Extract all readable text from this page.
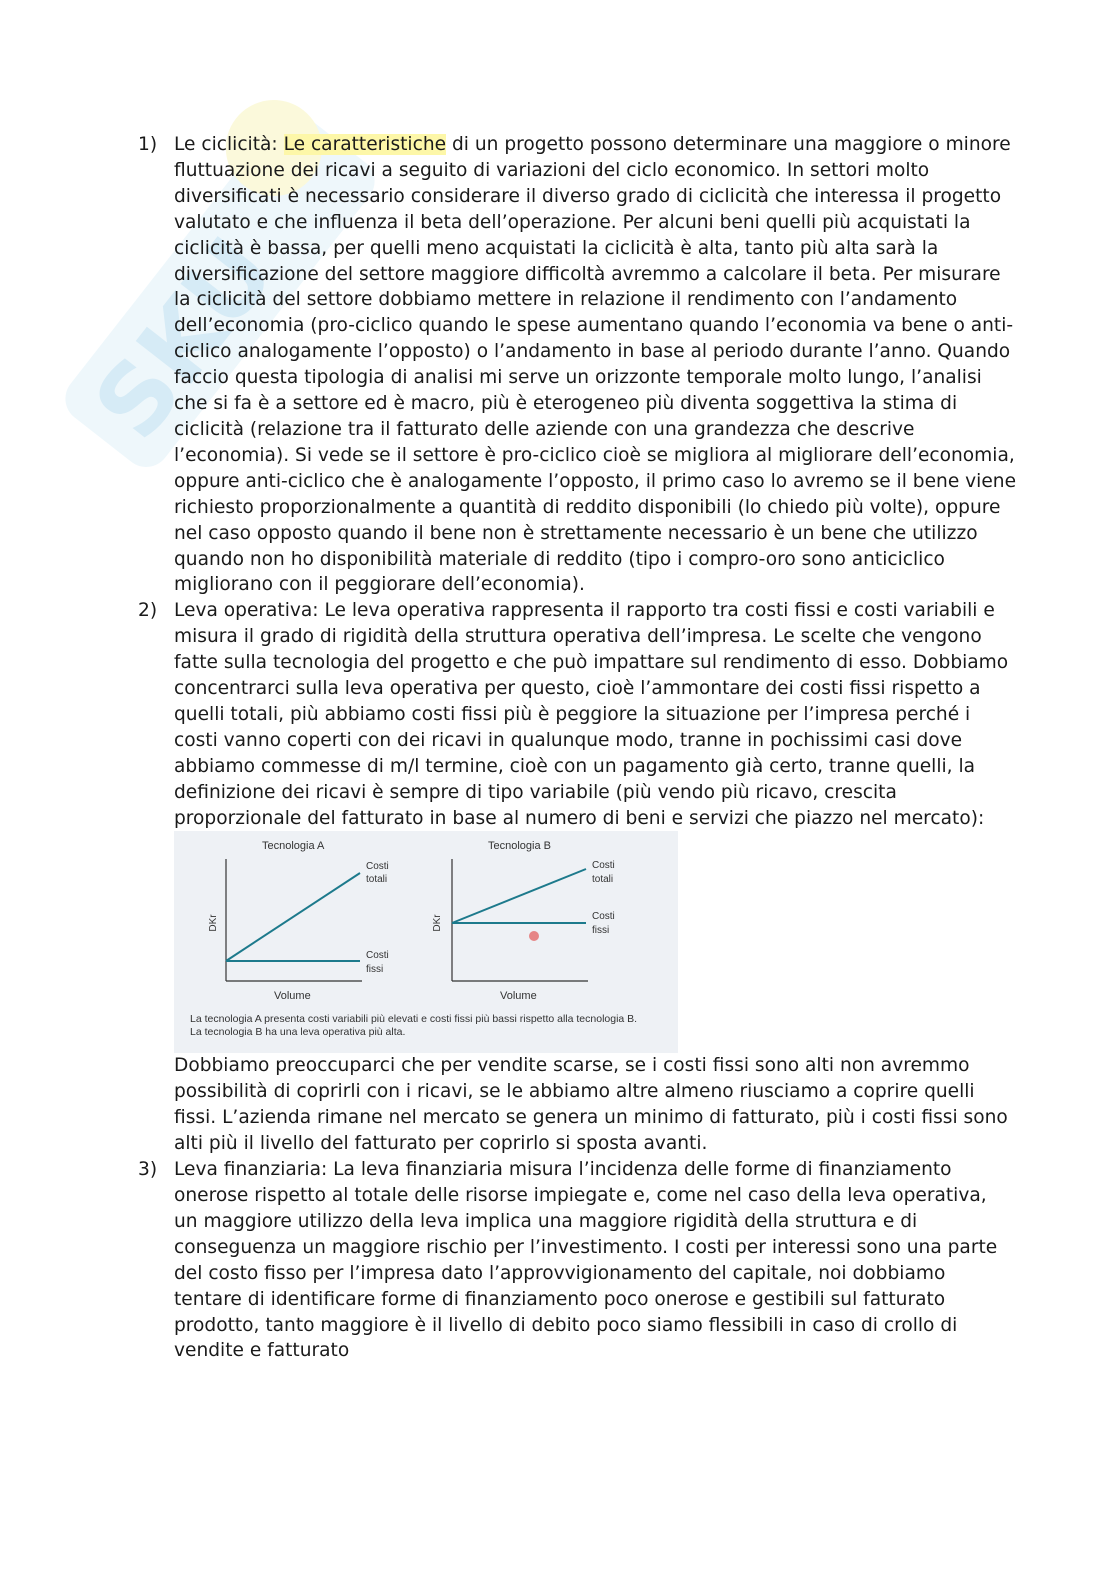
SKU
1) Le ciclicità: Le caratteristiche di un progetto possono determinare una maggiore o minore fluttuazione dei ricavi a seguito di variazioni del ciclo economico. In settori molto diversificati è necessario considerare il diverso grado di ciclicità che interessa il progetto valutato e che influenza il beta dell’operazione. Per alcuni beni quelli più acquistati la ciclicità è bassa, per quelli meno acquistati la ciclicità è alta, tanto più alta sarà la diversificazione del settore maggiore difficoltà avremmo a calcolare il beta. Per misurare la ciclicità del settore dobbiamo mettere in relazione il rendimento con l’andamento dell’economia (pro-ciclico quando le spese aumentano quando l’economia va bene o anti-ciclico analogamente l’opposto) o l’andamento in base al periodo durante l’anno. Quando faccio questa tipologia di analisi mi serve un orizzonte temporale molto lungo, l’analisi che si fa è a settore ed è macro, più è eterogeneo più diventa soggettiva la stima di ciclicità (relazione tra il fatturato delle aziende con una grandezza che descrive l’economia). Si vede se il settore è pro-ciclico cioè se migliora al migliorare dell’economia, oppure anti-ciclico che è analogamente l’opposto, il primo caso lo avremo se il bene viene richiesto proporzionalmente a quantità di reddito disponibili (lo chiedo più volte), oppure nel caso opposto quando il bene non è strettamente necessario è un bene che utilizzo quando non ho disponibilità materiale di reddito (tipo i compro-oro sono anticiclico migliorano con il peggiorare dell’economia).

2) Leva operativa: Le leva operativa rappresenta il rapporto tra costi fissi e costi variabili e misura il grado di rigidità della struttura operativa dell’impresa. Le scelte che vengono fatte sulla tecnologia del progetto e che può impattare sul rendimento di esso. Dobbiamo concentrarci sulla leva operativa per questo, cioè l’ammontare dei costi fissi rispetto a quelli totali, più abbiamo costi fissi più è peggiore la situazione per l’impresa perché i costi vanno coperti con dei ricavi in qualunque modo, tranne in pochissimi casi dove abbiamo commesse di m/l termine, cioè con un pagamento già certo, tranne quelli, la definizione dei ricavi è sempre di tipo variabile (più vendo più ricavo, crescita proporzionale del fatturato in base al numero di beni e servizi che piazzo nel mercato):

Tecnologia A
DKr
Volume
Costi
totali
Costi
fissi
Tecnologia B
DKr
Volume
Costi
totali
Costi
fissi
La tecnologia A presenta costi variabili più elevati e costi fissi più bassi rispetto alla tecnologia B.
La tecnologia B ha una leva operativa più alta.

Dobbiamo preoccuparci che per vendite scarse, se i costi fissi sono alti non avremmo possibilità di coprirli con i ricavi, se le abbiamo altre almeno riusciamo a coprire quelli fissi. L’azienda rimane nel mercato se genera un minimo di fatturato, più i costi fissi sono alti più il livello del fatturato per coprirlo si sposta avanti.

3) Leva finanziaria: La leva finanziaria misura l’incidenza delle forme di finanziamento onerose rispetto al totale delle risorse impiegate e, come nel caso della leva operativa, un maggiore utilizzo della leva implica una maggiore rigidità della struttura e di conseguenza un maggiore rischio per l’investimento. I costi per interessi sono una parte del costo fisso per l’impresa dato l’approvvigionamento del capitale, noi dobbiamo tentare di identificare forme di finanziamento poco onerose e gestibili sul fatturato prodotto, tanto maggiore è il livello di debito poco siamo flessibili in caso di crollo di vendite e fatturato
